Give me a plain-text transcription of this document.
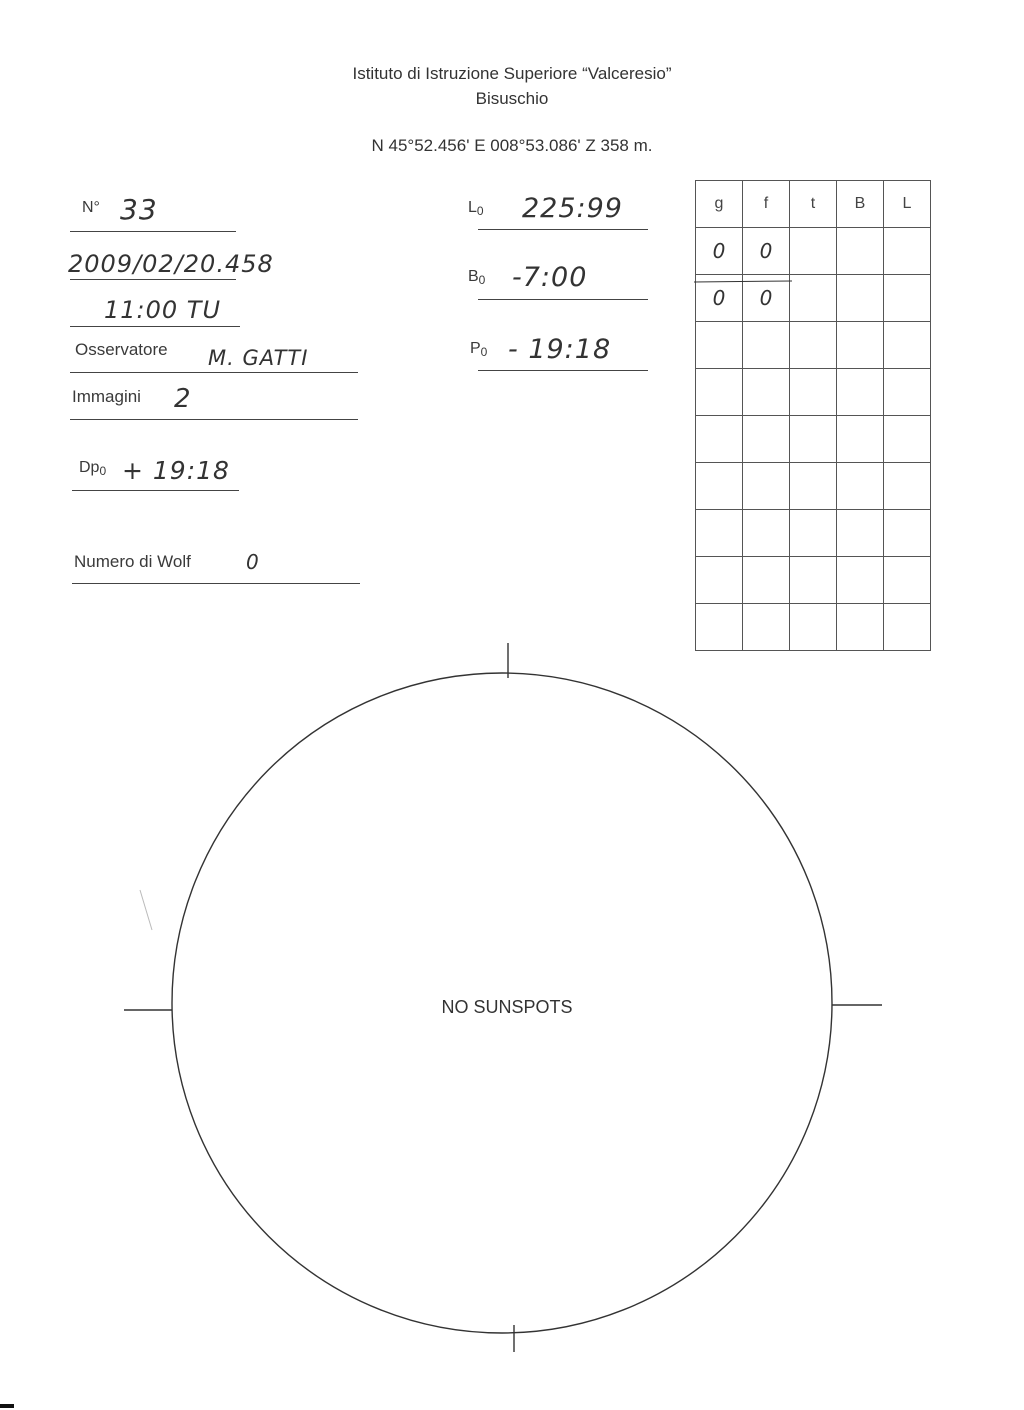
Istituto di Istruzione Superiore “Valceresio”
Bisuschio
N 45°52.456' E 008°53.086' Z 358 m.
N° 33
2009/02/20.458
11:00 TU
Osservatore M. GATTI
Immagini 2
$Dp_0$ + 19:18
Numero di Wolf	0
$L_0$ 225:99
$B_0$ -7:00
$P_0$ - 19:18
g	f	t	B	L
0	0			
0	0			

NO SUNSPOTS
